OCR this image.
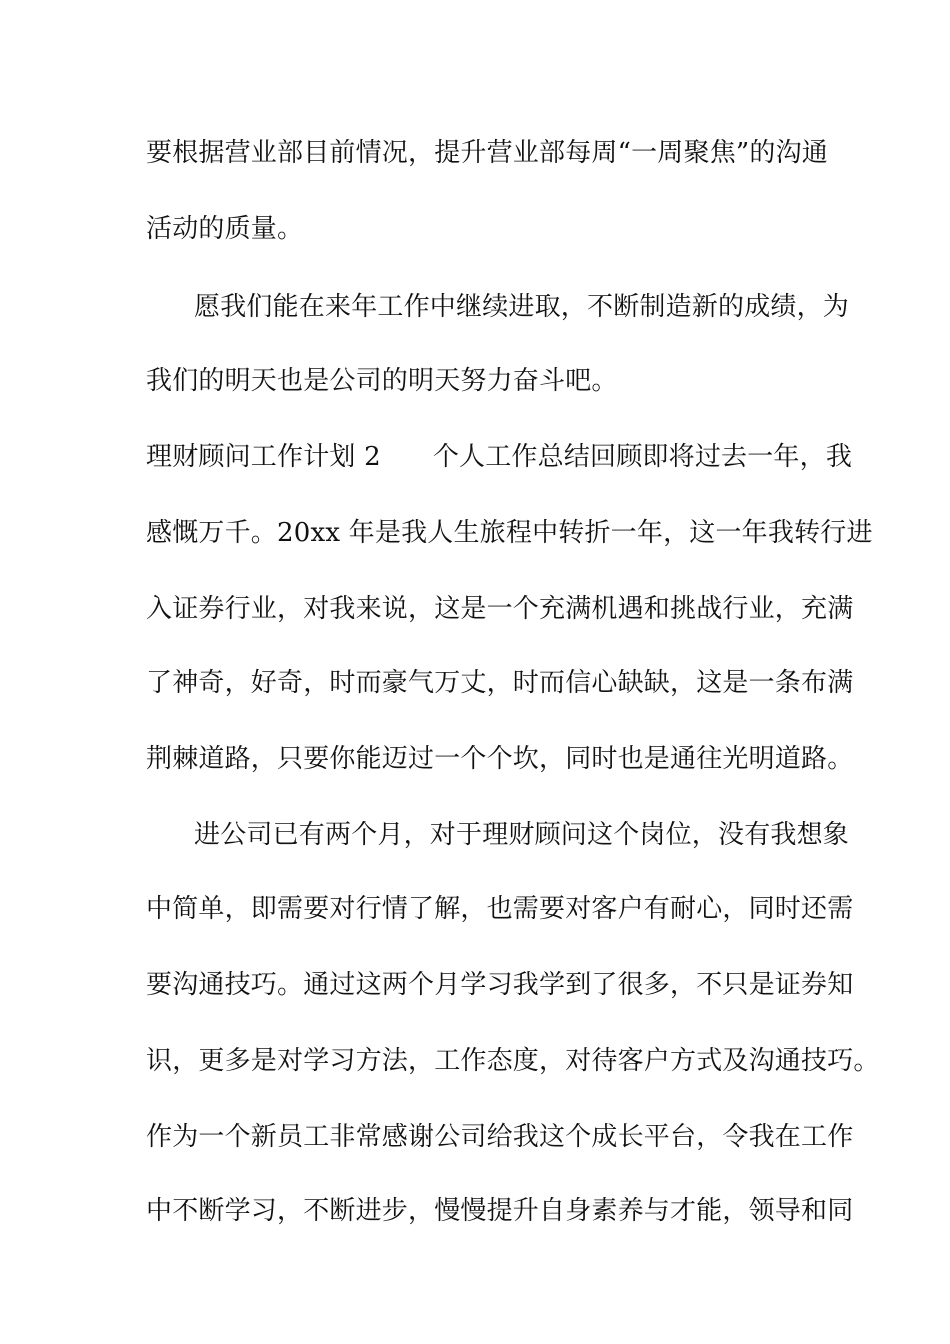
要根据营业部目前情况，提升营业部每周“一周聚焦”的沟通
活动的质量。
愿我们能在来年工作中继续进取，不断制造新的成绩，为
我们的明天也是公司的明天努力奋斗吧。
理财顾问工作计划 2 个人工作总结回顾即将过去一年，我
感慨万千。20xx 年是我人生旅程中转折一年，这一年我转行进
入证券行业，对我来说，这是一个充满机遇和挑战行业，充满
了神奇，好奇，时而豪气万丈，时而信心缺缺，这是一条布满
荆棘道路，只要你能迈过一个个坎，同时也是通往光明道路。
进公司已有两个月，对于理财顾问这个岗位，没有我想象
中简单，即需要对行情了解，也需要对客户有耐心，同时还需
要沟通技巧。通过这两个月学习我学到了很多，不只是证券知
识，更多是对学习方法，工作态度，对待客户方式及沟通技巧。
作为一个新员工非常感谢公司给我这个成长平台，令我在工作
中不断学习，不断进步，慢慢提升自身素养与才能，领导和同
